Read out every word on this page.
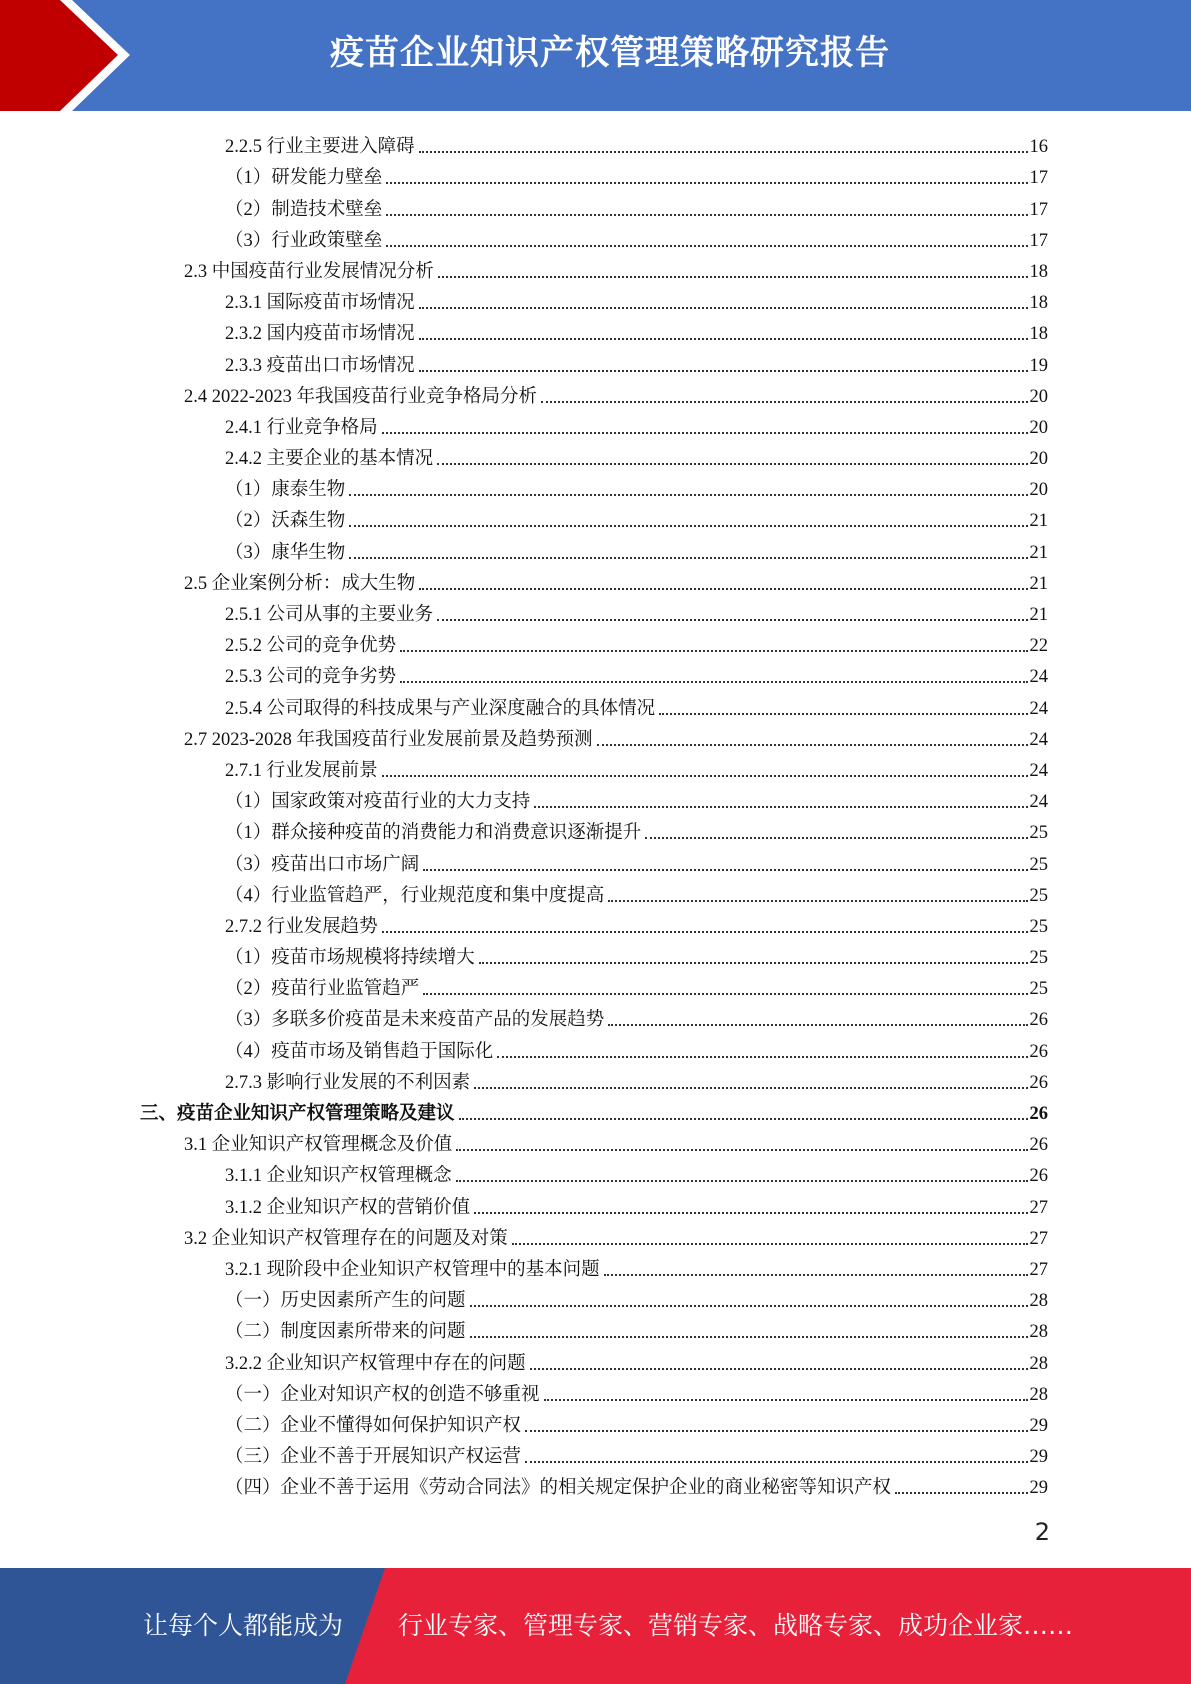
疫苗企业知识产权管理策略研究报告
2.2.5 行业主要进入障碍	16
（1）研发能力壁垒	17
（2）制造技术壁垒	17
（3）行业政策壁垒	17
2.3 中国疫苗行业发展情况分析	18
2.3.1 国际疫苗市场情况	18
2.3.2 国内疫苗市场情况	18
2.3.3 疫苗出口市场情况	19
2.4 2022-2023 年我国疫苗行业竞争格局分析	20
2.4.1 行业竞争格局	20
2.4.2 主要企业的基本情况	20
（1）康泰生物	20
（2）沃森生物	21
（3）康华生物	21
2.5 企业案例分析：成大生物	21
2.5.1 公司从事的主要业务	21
2.5.2 公司的竞争优势	22
2.5.3 公司的竞争劣势	24
2.5.4 公司取得的科技成果与产业深度融合的具体情况	24
2.7 2023-2028 年我国疫苗行业发展前景及趋势预测	24
2.7.1 行业发展前景	24
（1）国家政策对疫苗行业的大力支持	24
（1）群众接种疫苗的消费能力和消费意识逐渐提升	25
（3）疫苗出口市场广阔	25
（4）行业监管趋严，行业规范度和集中度提高	25
2.7.2 行业发展趋势	25
（1）疫苗市场规模将持续增大	25
（2）疫苗行业监管趋严	25
（3）多联多价疫苗是未来疫苗产品的发展趋势	26
（4）疫苗市场及销售趋于国际化	26
2.7.3 影响行业发展的不利因素	26
三、疫苗企业知识产权管理策略及建议	26
3.1 企业知识产权管理概念及价值	26
3.1.1 企业知识产权管理概念	26
3.1.2 企业知识产权的营销价值	27
3.2 企业知识产权管理存在的问题及对策	27
3.2.1 现阶段中企业知识产权管理中的基本问题	27
（一）历史因素所产生的问题	28
（二）制度因素所带来的问题	28
3.2.2 企业知识产权管理中存在的问题	28
（一）企业对知识产权的创造不够重视	28
（二）企业不懂得如何保护知识产权	29
（三）企业不善于开展知识产权运营	29
（四）企业不善于运用《劳动合同法》的相关规定保护企业的商业秘密等知识产权	29
2
让每个人都能成为 行业专家、管理专家、营销专家、战略专家、成功企业家……
